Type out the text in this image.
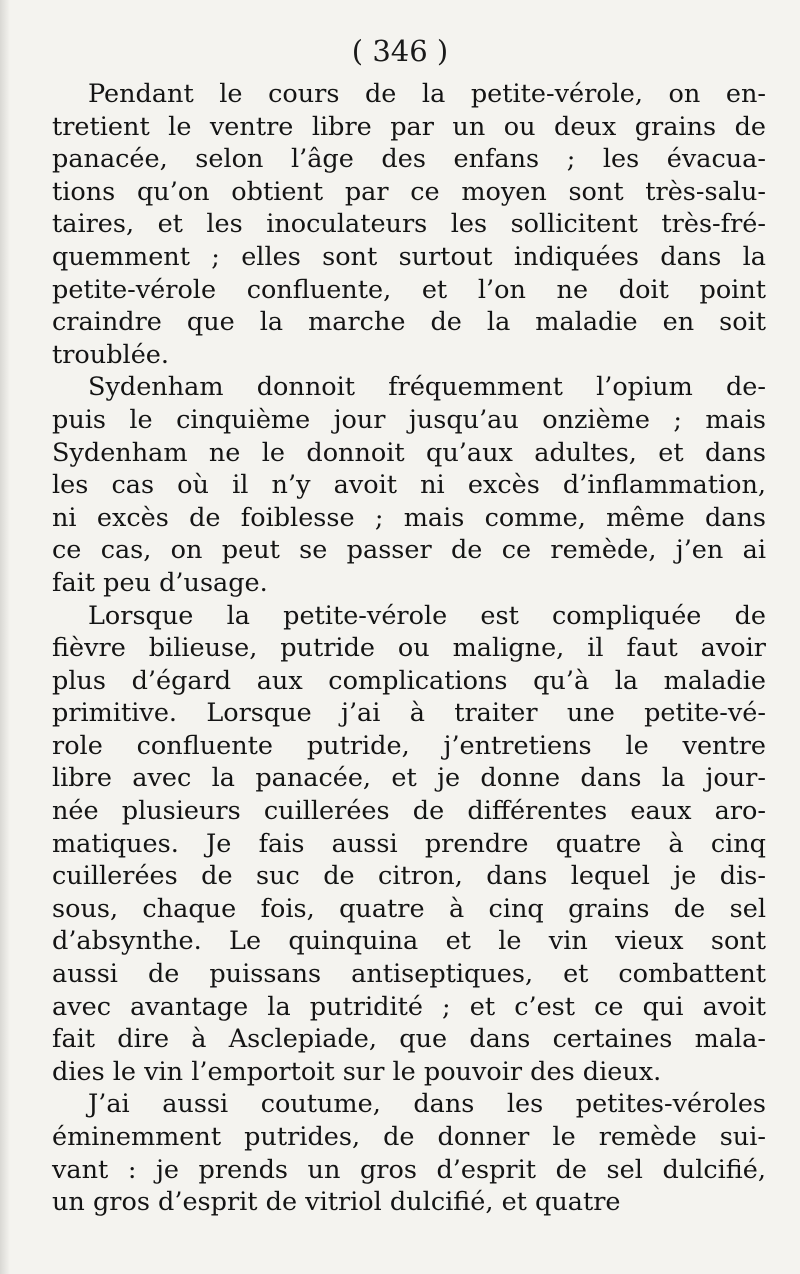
( 346 )
Pendant le cours de la petite-vérole, on en-
tretient le ventre libre par un ou deux grains de
panacée, selon l’âge des enfans ; les évacua-
tions qu’on obtient par ce moyen sont très-salu-
taires, et les inoculateurs les sollicitent très-fré-
quemment ; elles sont surtout indiquées dans la
petite-vérole confluente, et l’on ne doit point
craindre que la marche de la maladie en soit
troublée.
Sydenham donnoit fréquemment l’opium de-
puis le cinquième jour jusqu’au onzième ; mais
Sydenham ne le donnoit qu’aux adultes, et dans
les cas où il n’y avoit ni excès d’inflammation,
ni excès de foiblesse ; mais comme, même dans
ce cas, on peut se passer de ce remède, j’en ai
fait peu d’usage.
Lorsque la petite-vérole est compliquée de
fièvre bilieuse, putride ou maligne, il faut avoir
plus d’égard aux complications qu’à la maladie
primitive. Lorsque j’ai à traiter une petite-vé-
role confluente putride, j’entretiens le ventre
libre avec la panacée, et je donne dans la jour-
née plusieurs cuillerées de différentes eaux aro-
matiques. Je fais aussi prendre quatre à cinq
cuillerées de suc de citron, dans lequel je dis-
sous, chaque fois, quatre à cinq grains de sel
d’absynthe. Le quinquina et le vin vieux sont
aussi de puissans antiseptiques, et combattent
avec avantage la putridité ; et c’est ce qui avoit
fait dire à Asclepiade, que dans certaines mala-
dies le vin l’emportoit sur le pouvoir des dieux.
J’ai aussi coutume, dans les petites-véroles
éminemment putrides, de donner le remède sui-
vant : je prends un gros d’esprit de sel dulcifié,
un gros d’esprit de vitriol dulcifié, et quatre
